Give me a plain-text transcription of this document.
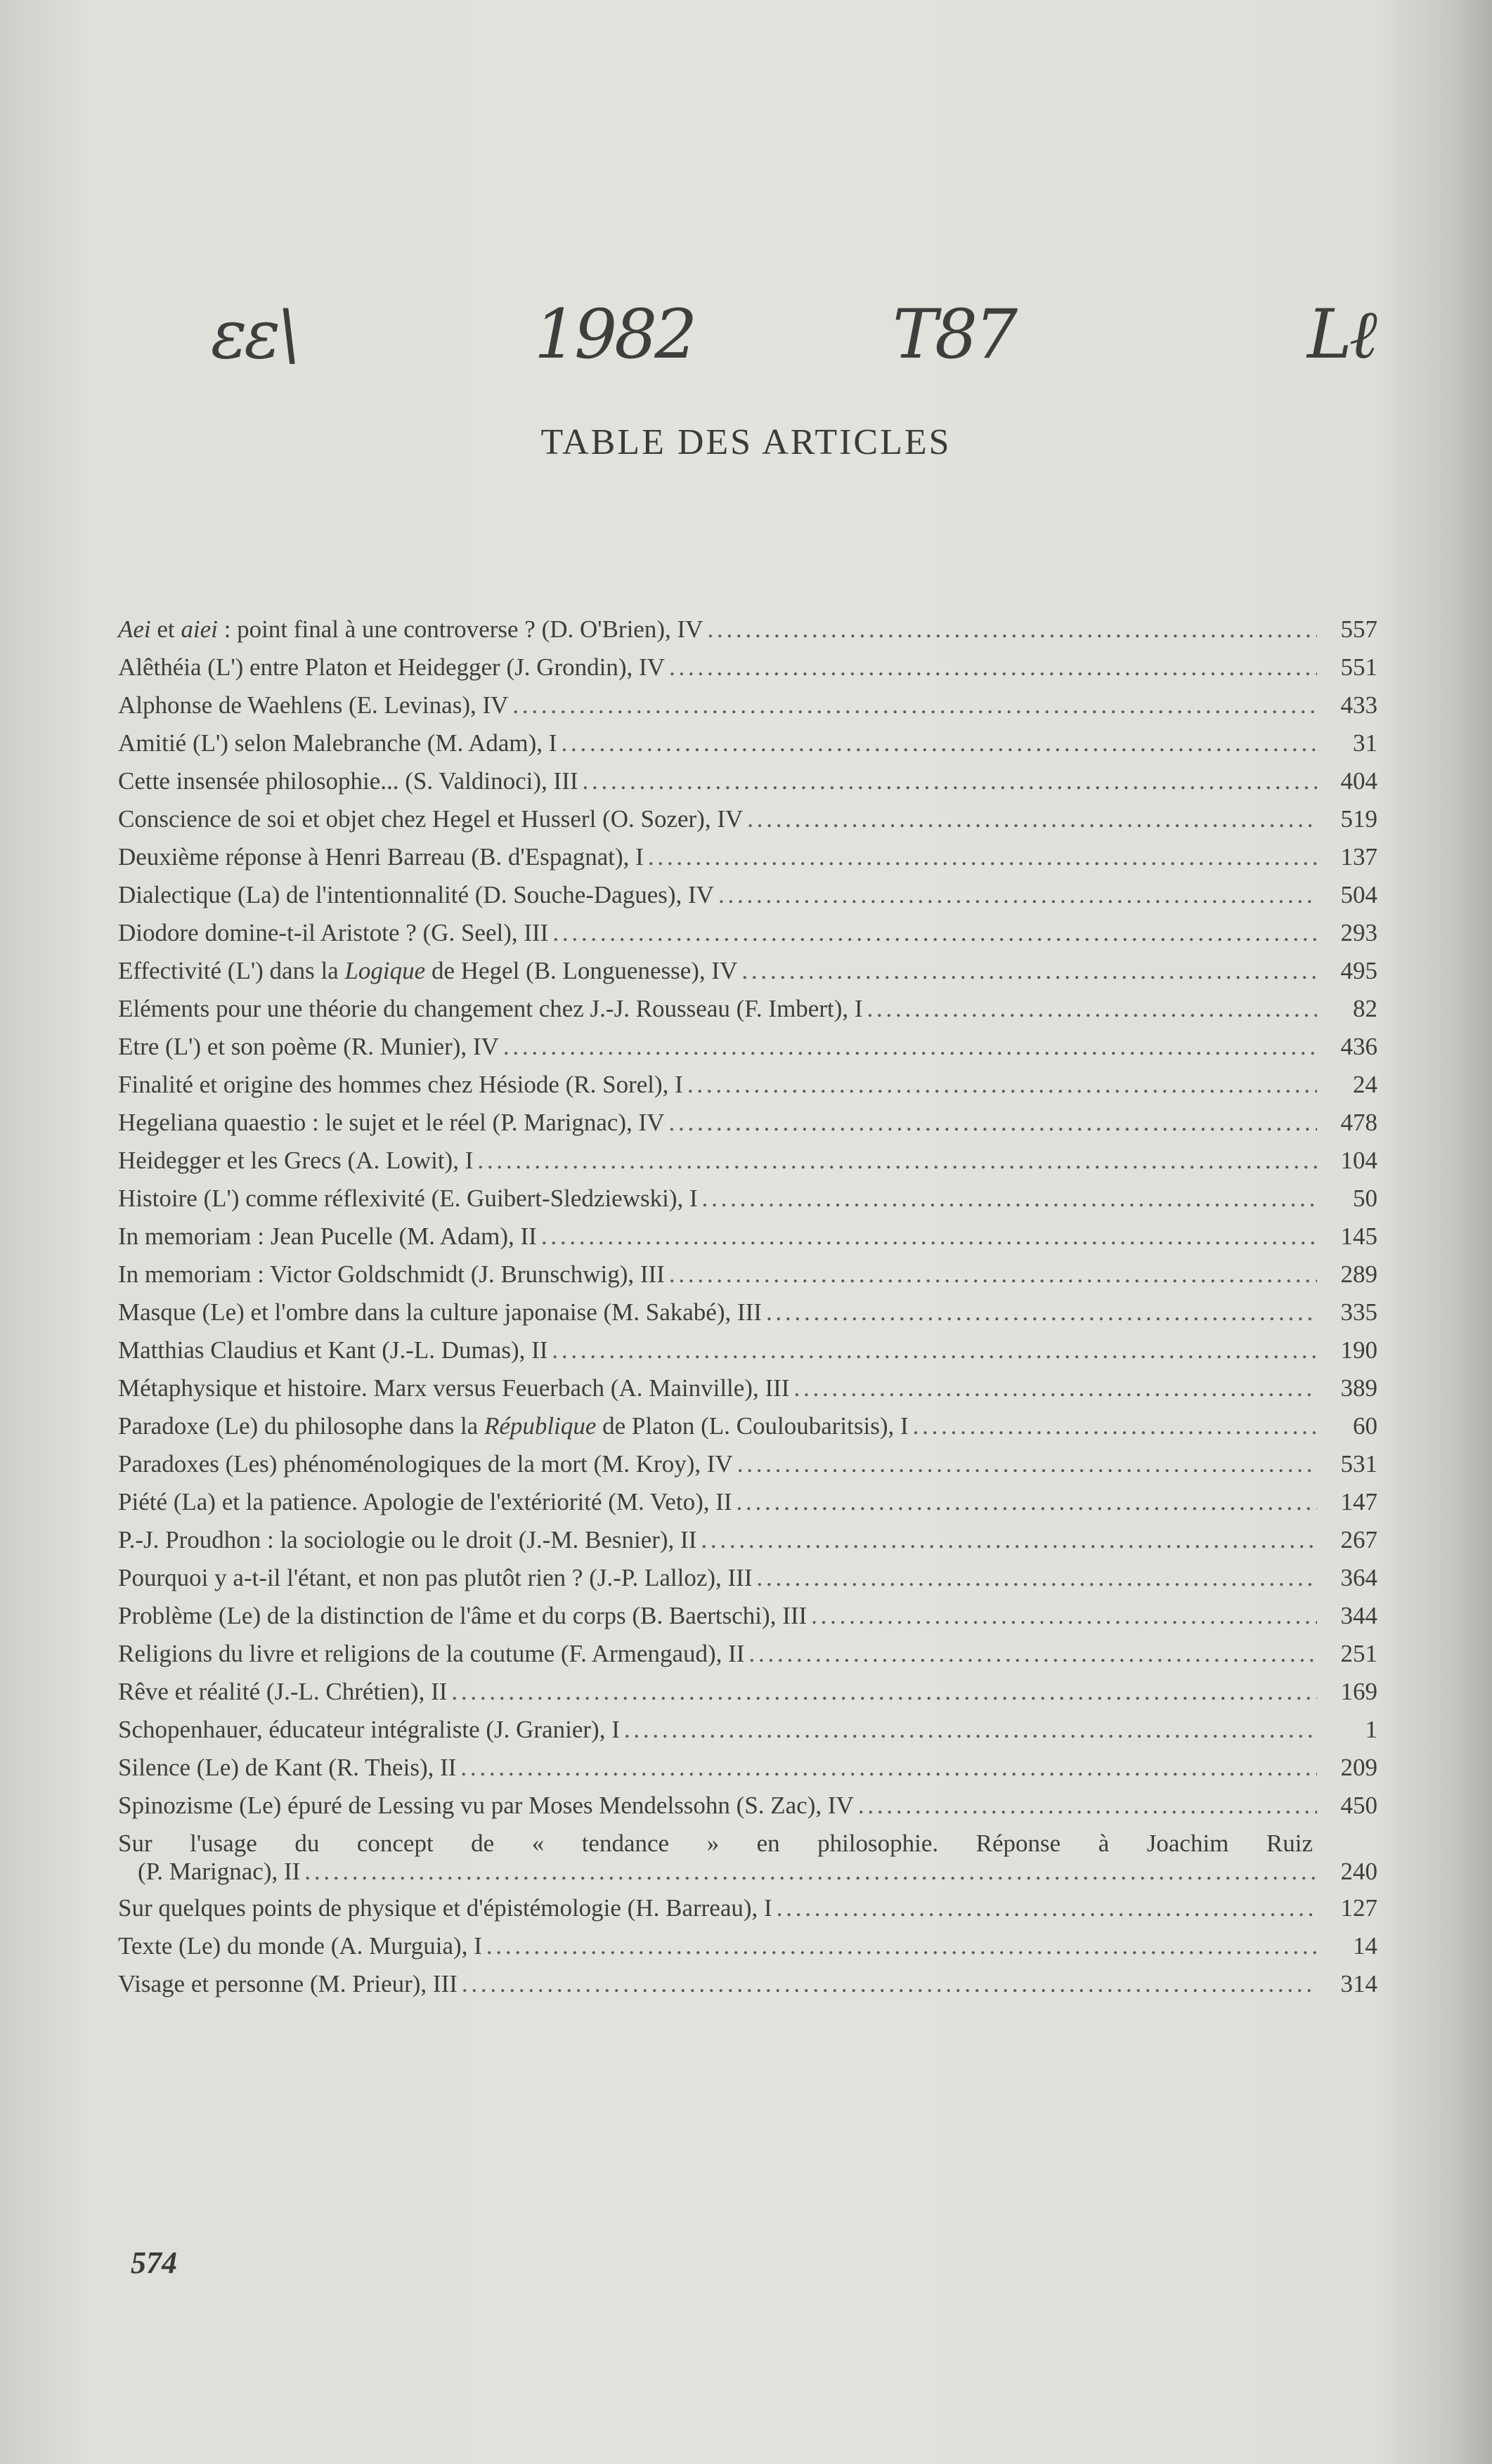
ɛɛ\	1982	T87	Lℓ
TABLE DES ARTICLES
Aei et aiei : point final à une controverse ? (D. O'Brien), IV . . .	557
Alêthéia (L') entre Platon et Heidegger (J. Grondin), IV . . .	551
Alphonse de Waehlens (E. Levinas), IV . . .	433
Amitié (L') selon Malebranche (M. Adam), I . . .	31
Cette insensée philosophie... (S. Valdinoci), III . . .	404
Conscience de soi et objet chez Hegel et Husserl (O. Sozer), IV . . .	519
Deuxième réponse à Henri Barreau (B. d'Espagnat), I . . .	137
Dialectique (La) de l'intentionnalité (D. Souche-Dagues), IV . . .	504
Diodore domine-t-il Aristote ? (G. Seel), III . . .	293
Effectivité (L') dans la Logique de Hegel (B. Longuenesse), IV . . .	495
Eléments pour une théorie du changement chez J.-J. Rousseau (F. Imbert), I . . .	82
Etre (L') et son poème (R. Munier), IV . . .	436
Finalité et origine des hommes chez Hésiode (R. Sorel), I . . .	24
Hegeliana quaestio : le sujet et le réel (P. Marignac), IV . . .	478
Heidegger et les Grecs (A. Lowit), I . . .	104
Histoire (L') comme réflexivité (E. Guibert-Sledziewski), I . . .	50
In memoriam : Jean Pucelle (M. Adam), II . . .	145
In memoriam : Victor Goldschmidt (J. Brunschwig), III . . .	289
Masque (Le) et l'ombre dans la culture japonaise (M. Sakabé), III . . .	335
Matthias Claudius et Kant (J.-L. Dumas), II . . .	190
Métaphysique et histoire. Marx versus Feuerbach (A. Mainville), III . . .	389
Paradoxe (Le) du philosophe dans la République de Platon (L. Couloubaritsis), I . . .	60
Paradoxes (Les) phénoménologiques de la mort (M. Kroy), IV . . .	531
Piété (La) et la patience. Apologie de l'extériorité (M. Veto), II . . .	147
P.-J. Proudhon : la sociologie ou le droit (J.-M. Besnier), II . . .	267
Pourquoi y a-t-il l'étant, et non pas plutôt rien ? (J.-P. Lalloz), III . . .	364
Problème (Le) de la distinction de l'âme et du corps (B. Baertschi), III . . .	344
Religions du livre et religions de la coutume (F. Armengaud), II . . .	251
Rêve et réalité (J.-L. Chrétien), II . . .	169
Schopenhauer, éducateur intégraliste (J. Granier), I . . .	1
Silence (Le) de Kant (R. Theis), II . . .	209
Spinozisme (Le) épuré de Lessing vu par Moses Mendelssohn (S. Zac), IV . . .	450
Sur l'usage du concept de « tendance » en philosophie. Réponse à Joachim Ruiz
(P. Marignac), II . . .	240
Sur quelques points de physique et d'épistémologie (H. Barreau), I . . .	127
Texte (Le) du monde (A. Murguia), I . . .	14
Visage et personne (M. Prieur), III . . .	314
574
